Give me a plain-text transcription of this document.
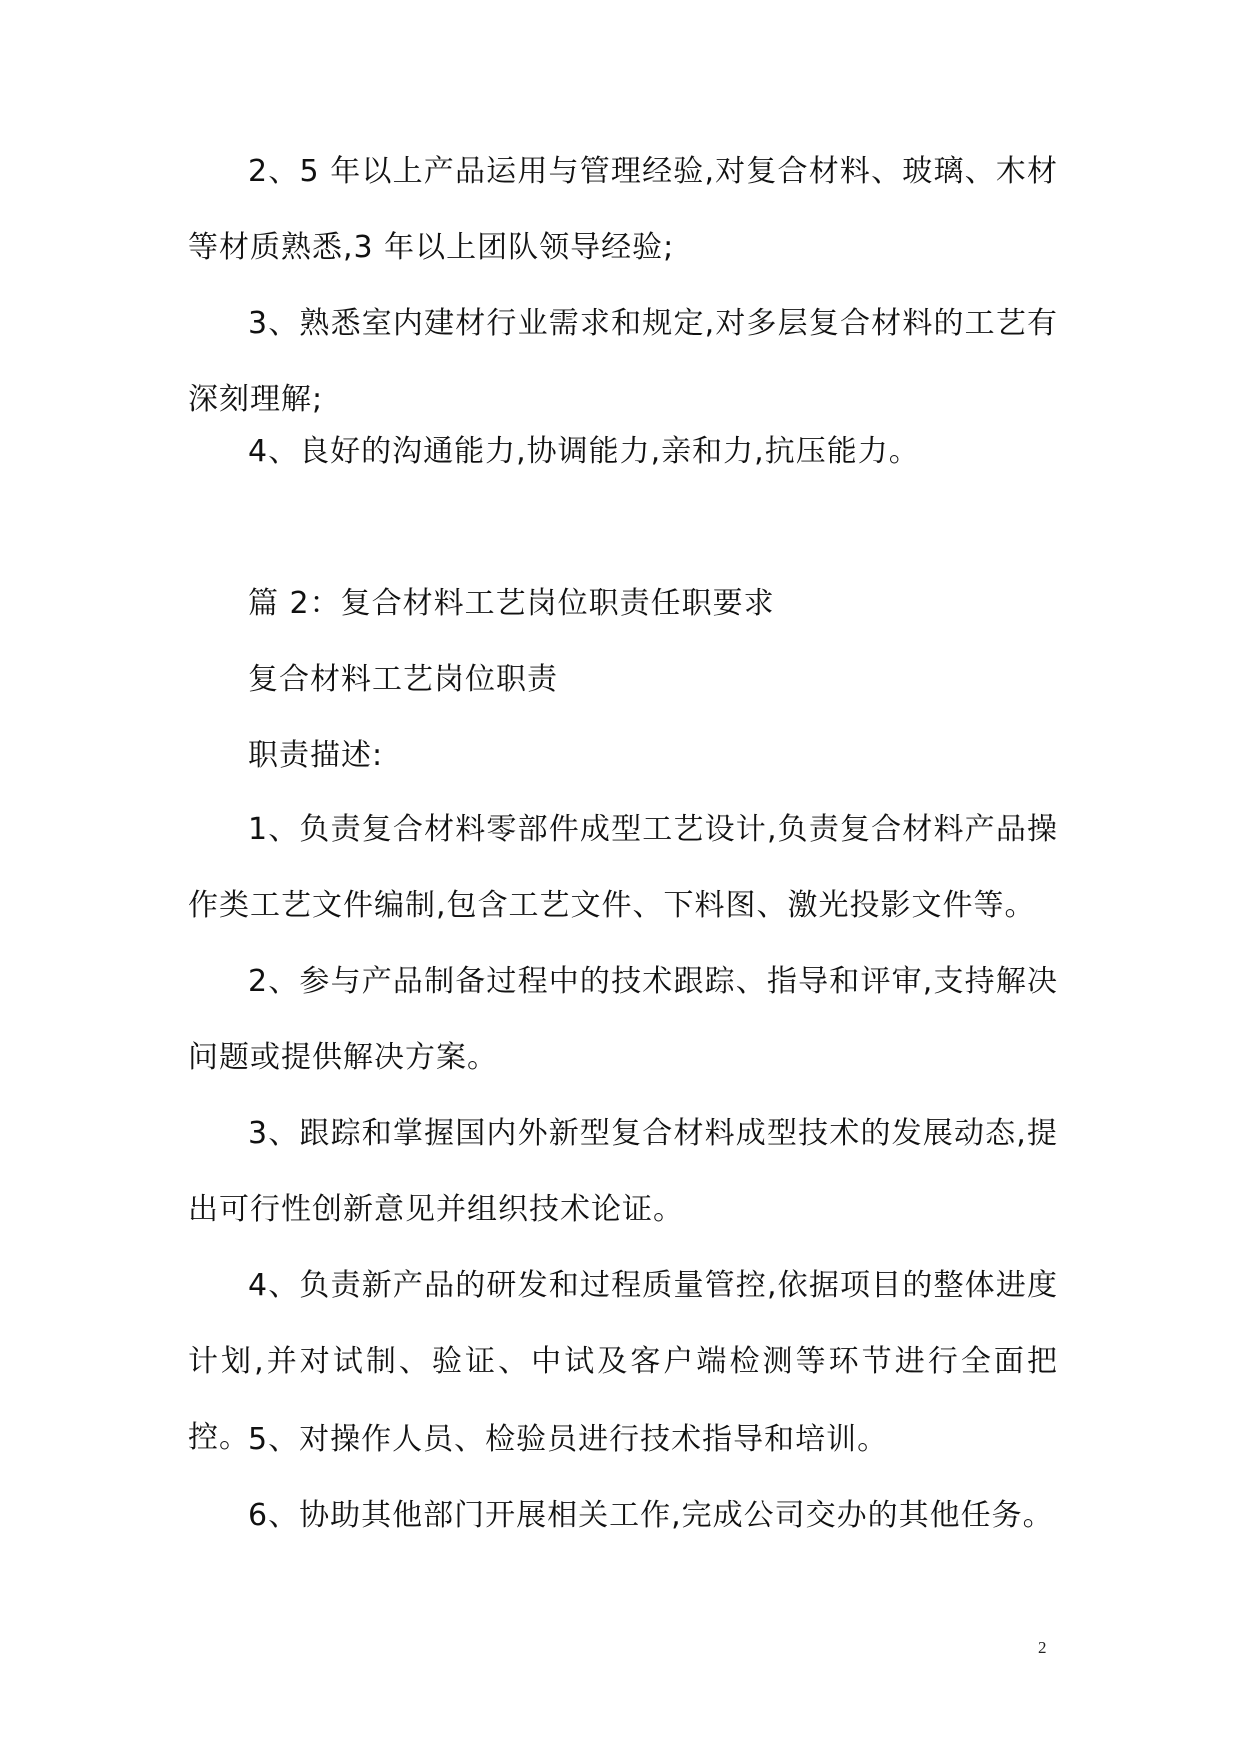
2、5 年以上产品运用与管理经验,对复合材料、玻璃、木材等材质熟悉,3 年以上团队领导经验;

3、熟悉室内建材行业需求和规定,对多层复合材料的工艺有深刻理解;

4、良好的沟通能力,协调能力,亲和力,抗压能力。

篇 2：复合材料工艺岗位职责任职要求

复合材料工艺岗位职责

职责描述:

1、负责复合材料零部件成型工艺设计,负责复合材料产品操作类工艺文件编制,包含工艺文件、下料图、激光投影文件等。

2、参与产品制备过程中的技术跟踪、指导和评审,支持解决问题或提供解决方案。

3、跟踪和掌握国内外新型复合材料成型技术的发展动态,提出可行性创新意见并组织技术论证。

4、负责新产品的研发和过程质量管控,依据项目的整体进度计划,并对试制、验证、中试及客户端检测等环节进行全面把控。

5、对操作人员、检验员进行技术指导和培训。

6、协助其他部门开展相关工作,完成公司交办的其他任务。

2
